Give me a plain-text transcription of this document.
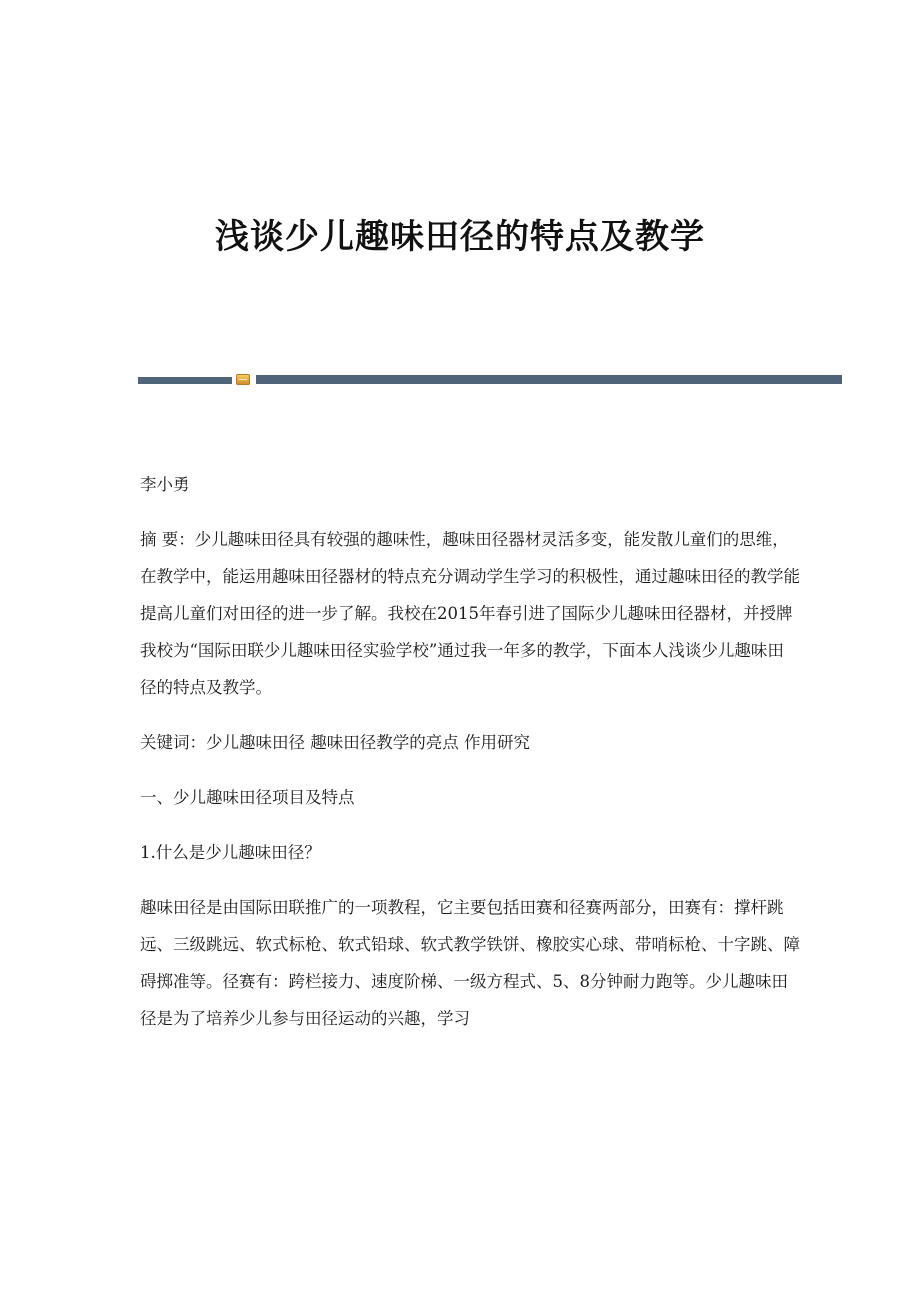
浅谈少儿趣味田径的特点及教学

李小勇

摘 要：少儿趣味田径具有较强的趣味性，趣味田径器材灵活多变，能发散儿童们的思维，在教学中，能运用趣味田径器材的特点充分调动学生学习的积极性，通过趣味田径的教学能提高儿童们对田径的进一步了解。我校在2015年春引进了国际少儿趣味田径器材，并授牌我校为“国际田联少儿趣味田径实验学校”通过我一年多的教学，下面本人浅谈少儿趣味田径的特点及教学。

关键词：少儿趣味田径 趣味田径教学的亮点 作用研究

一、少儿趣味田径项目及特点

1.什么是少儿趣味田径？

趣味田径是由国际田联推广的一项教程，它主要包括田赛和径赛两部分，田赛有：撑杆跳远、三级跳远、软式标枪、软式铅球、软式教学铁饼、橡胶实心球、带哨标枪、十字跳、障碍掷准等。径赛有：跨栏接力、速度阶梯、一级方程式、5、8分钟耐力跑等。少儿趣味田径是为了培养少儿参与田径运动的兴趣，学习
